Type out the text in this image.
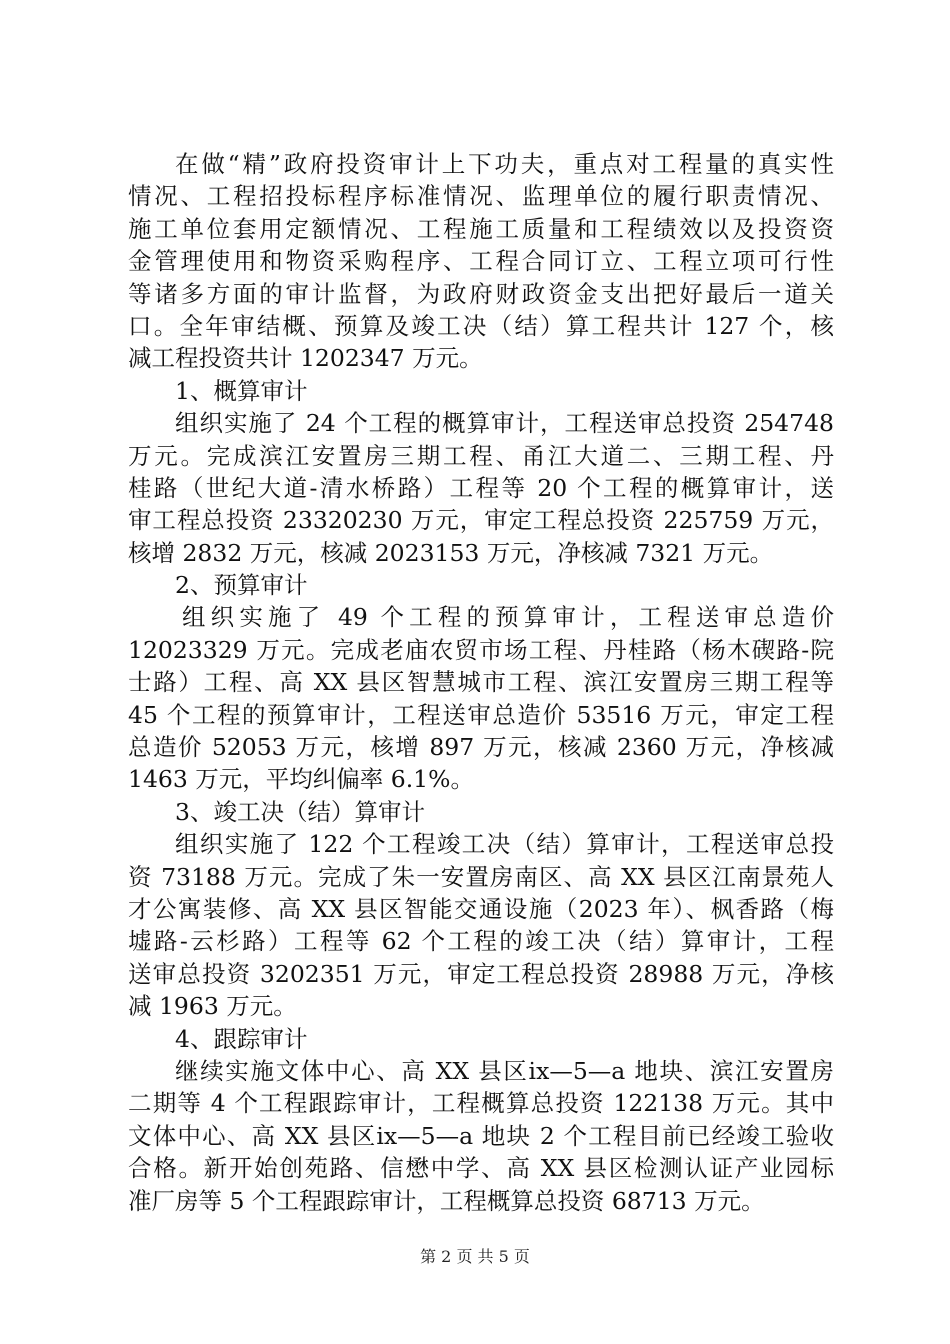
在做“精”政府投资审计上下功夫，重点对工程量的真实性
情况、工程招投标程序标准情况、监理单位的履行职责情况、
施工单位套用定额情况、工程施工质量和工程绩效以及投资资
金管理使用和物资采购程序、工程合同订立、工程立项可行性
等诸多方面的审计监督，为政府财政资金支出把好最后一道关
口。全年审结概、预算及竣工决（结）算工程共计 127 个，核
减工程投资共计 1202347 万元。
1、概算审计
组织实施了 24 个工程的概算审计，工程送审总投资 254748
万元。完成滨江安置房三期工程、甬江大道二、三期工程、丹
桂路（世纪大道-清水桥路）工程等 20 个工程的概算审计，送
审工程总投资 23320230 万元，审定工程总投资 225759 万元，
核增 2832 万元，核减 2023153 万元，净核减 7321 万元。
2、预算审计
组织实施了 49 个工程的预算审计，工程送审总造价
12023329 万元。完成老庙农贸市场工程、丹桂路（杨木碶路-院
士路）工程、高 XX 县区智慧城市工程、滨江安置房三期工程等
45 个工程的预算审计，工程送审总造价 53516 万元，审定工程
总造价 52053 万元，核增 897 万元，核减 2360 万元，净核减
1463 万元，平均纠偏率 6.1%。
3、竣工决（结）算审计
组织实施了 122 个工程竣工决（结）算审计，工程送审总投
资 73188 万元。完成了朱一安置房南区、高 XX 县区江南景苑人
才公寓装修、高 XX 县区智能交通设施（2023 年）、枫香路（梅
墟路-云杉路）工程等 62 个工程的竣工决（结）算审计，工程
送审总投资 3202351 万元，审定工程总投资 28988 万元，净核
减 1963 万元。
4、跟踪审计
继续实施文体中心、高 XX 县区ix—5—a 地块、滨江安置房
二期等 4 个工程跟踪审计，工程概算总投资 122138 万元。其中
文体中心、高 XX 县区ix—5—a 地块 2 个工程目前已经竣工验收
合格。新开始创苑路、信懋中学、高 XX 县区检测认证产业园标
准厂房等 5 个工程跟踪审计，工程概算总投资 68713 万元。
第 2 页 共 5 页
